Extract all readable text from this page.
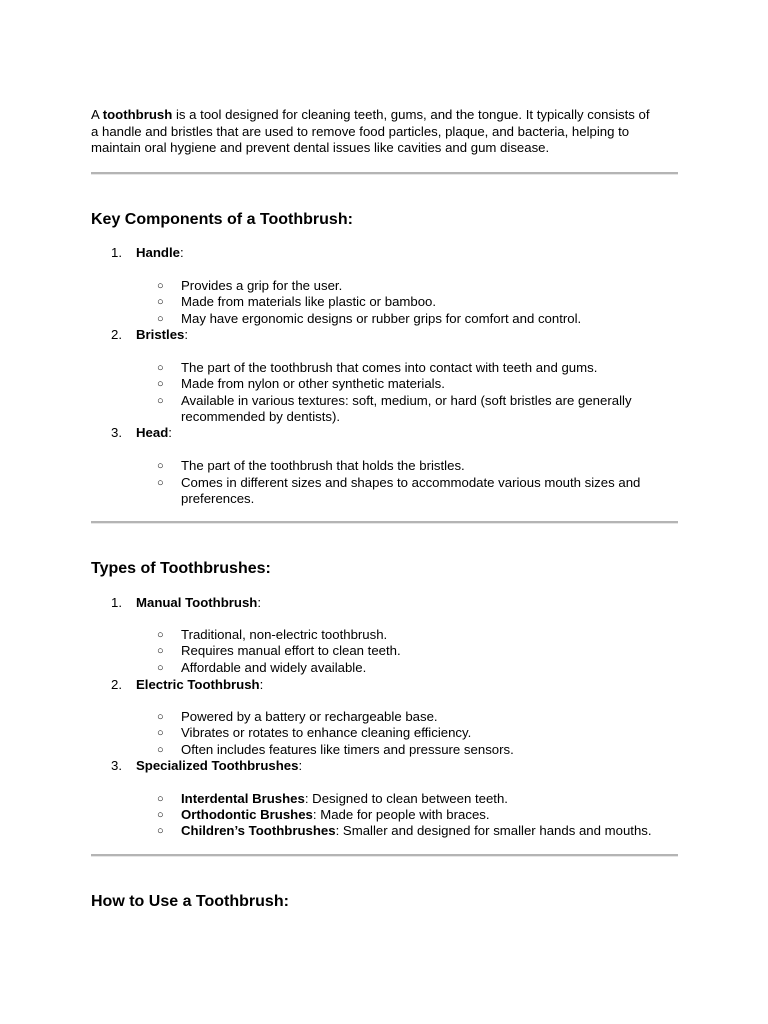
A toothbrush is a tool designed for cleaning teeth, gums, and the tongue. It typically consists of
a handle and bristles that are used to remove food particles, plaque, and bacteria, helping to
maintain oral hygiene and prevent dental issues like cavities and gum disease.

Key Components of a Toothbrush:
1.	Handle:
○ Provides a grip for the user.
○ Made from materials like plastic or bamboo.
○ May have ergonomic designs or rubber grips for comfort and control.
2.	Bristles:
○ The part of the toothbrush that comes into contact with teeth and gums.
○ Made from nylon or other synthetic materials.
○ Available in various textures: soft, medium, or hard (soft bristles are generally
recommended by dentists).
3.	Head:
○ The part of the toothbrush that holds the bristles.
○ Comes in different sizes and shapes to accommodate various mouth sizes and
preferences.
Types of Toothbrushes:
1.	Manual Toothbrush:
○ Traditional, non-electric toothbrush.
○ Requires manual effort to clean teeth.
○ Affordable and widely available.
2.	Electric Toothbrush:
○ Powered by a battery or rechargeable base.
○ Vibrates or rotates to enhance cleaning efficiency.
○ Often includes features like timers and pressure sensors.
3.	Specialized Toothbrushes:
○ Interdental Brushes: Designed to clean between teeth.
○ Orthodontic Brushes: Made for people with braces.
○ Children’s Toothbrushes: Smaller and designed for smaller hands and mouths.
How to Use a Toothbrush:
